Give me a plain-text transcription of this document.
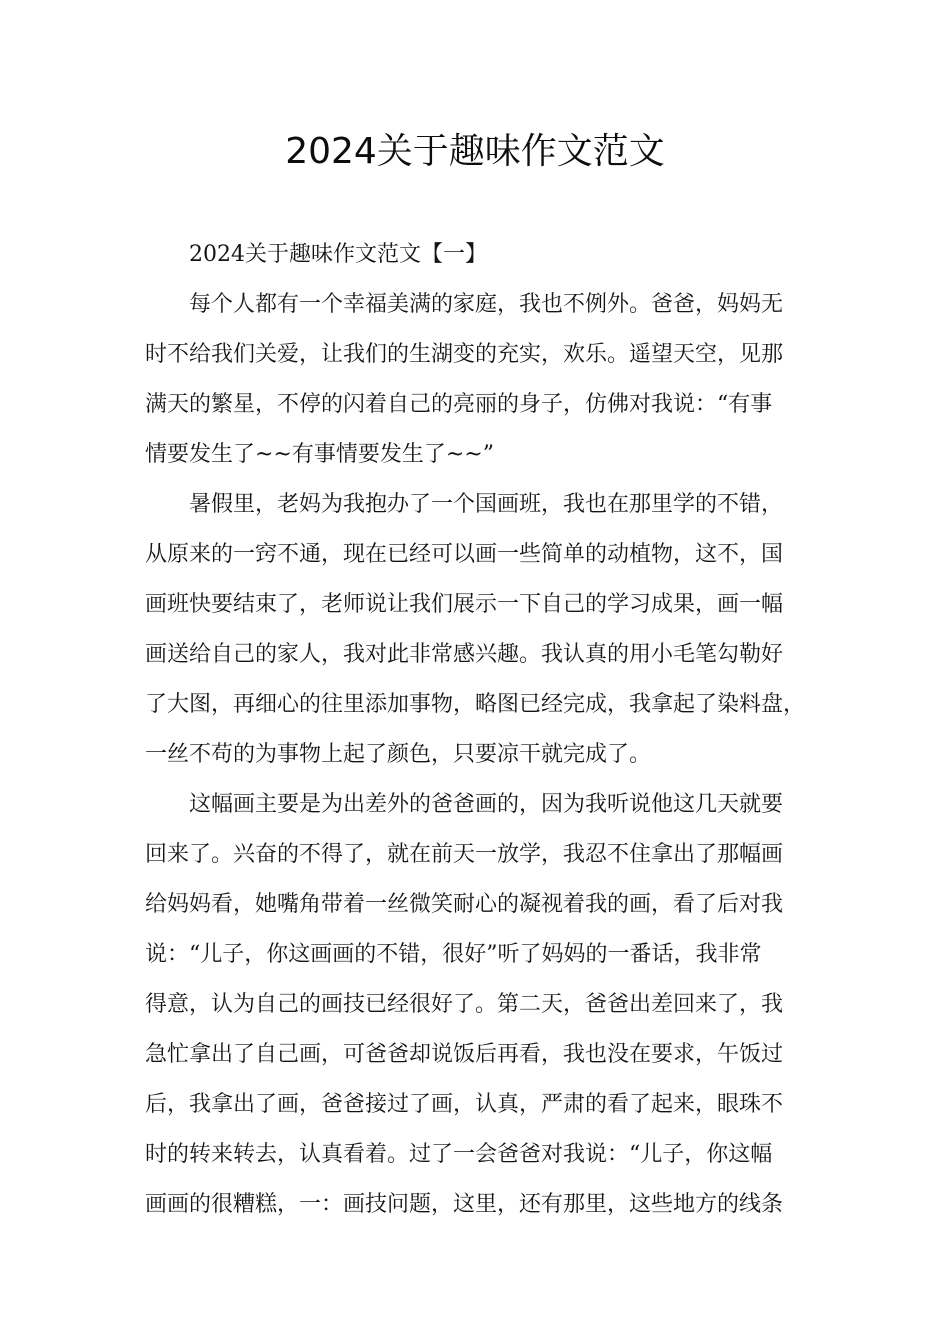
2024关于趣味作文范文
2024关于趣味作文范文【一】
每个人都有一个幸福美满的家庭，我也不例外。爸爸，妈妈无
时不给我们关爱，让我们的生湖变的充实，欢乐。遥望天空，见那
满天的繁星，不停的闪着自己的亮丽的身子，仿佛对我说：“有事
情要发生了~~有事情要发生了~~”
暑假里，老妈为我抱办了一个国画班，我也在那里学的不错，
从原来的一窍不通，现在已经可以画一些简单的动植物，这不，国
画班快要结束了，老师说让我们展示一下自己的学习成果，画一幅
画送给自己的家人，我对此非常感兴趣。我认真的用小毛笔勾勒好
了大图，再细心的往里添加事物，略图已经完成，我拿起了染料盘，
一丝不苟的为事物上起了颜色，只要凉干就完成了。
这幅画主要是为出差外的爸爸画的，因为我听说他这几天就要
回来了。兴奋的不得了，就在前天一放学，我忍不住拿出了那幅画
给妈妈看，她嘴角带着一丝微笑耐心的凝视着我的画，看了后对我
说：“儿子，你这画画的不错，很好”听了妈妈的一番话，我非常
得意，认为自己的画技已经很好了。第二天，爸爸出差回来了，我
急忙拿出了自己画，可爸爸却说饭后再看，我也没在要求，午饭过
后，我拿出了画，爸爸接过了画，认真，严肃的看了起来，眼珠不
时的转来转去，认真看着。过了一会爸爸对我说：“儿子，你这幅
画画的很糟糕，一：画技问题，这里，还有那里，这些地方的线条
